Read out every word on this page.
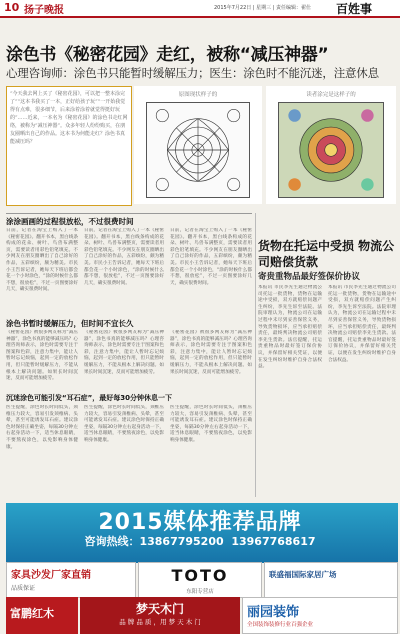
10 扬子晚报	2015年7月22日 | 星期三 | 责任编辑：翟仕 百姓事
涂色书《秘密花园》走红，被称“减压神器”
心理咨询师：涂色书只能暂时缓解压力；医生：涂色时不能沉迷，注意休息
“今天我去网上买了《秘密花园》，可以把一整本涂完了”“这本书我买了一本，正好给孩子玩”“一开始我觉得有点难，很多细节，后来涂着涂着就觉得挺好玩的”……近来，一本名为《秘密花园》的涂色书走红网络，被称为“减压神器”。众多年轻人纷纷购买，在朋友圈晒出自己的作品。这本书为何能走红？涂色书真能减压吗？
原图现状样子的	读者涂完是这样子的
涂涂画画的过程很放松，不过很费时间
日前，记者在淘宝上购入了一本《秘密花园》。翻开书本，黑白线条构成的花朵、树叶、鸟兽布满整页，需要读者用彩色铅笔填充。不少网友在朋友圈晒出了自己涂好的作品，五彩缤纷，颇为精美。市民小王告诉记者，她每天下班后都会花一个小时涂色，“涂的时候什么都不想，很放松”，不过一页图要涂好几天，确实很费时间。
日前，记者在淘宝上购入了一本《秘密花园》。翻开书本，黑白线条构成的花朵、树叶、鸟兽布满整页，需要读者用彩色铅笔填充。不少网友在朋友圈晒出了自己涂好的作品，五彩缤纷，颇为精美。市民小王告诉记者，她每天下班后都会花一个小时涂色，“涂的时候什么都不想，很放松”，不过一页图要涂好几天，确实很费时间。
日前，记者在淘宝上购入了一本《秘密花园》。翻开书本，黑白线条构成的花朵、树叶、鸟兽布满整页，需要读者用彩色铅笔填充。不少网友在朋友圈晒出了自己涂好的作品，五彩缤纷，颇为精美。市民小王告诉记者，她每天下班后都会花一个小时涂色，“涂的时候什么都不想，很放松”，不过一页图要涂好几天，确实很费时间。
涂色书暂时缓解压力，但时间不宜长久
《秘密花园》被很多网友称为“减压神器”，涂色书真的能够减压吗？心理咨询师表示，涂色时需要专注于图案和色彩，注意力集中，能让人暂时忘记烦恼，起到一定的放松作用，但只能暂时缓解压力，不能从根本上解决问题。如果长时间沉迷，反而可能增加疲劳。
《秘密花园》被很多网友称为“减压神器”，涂色书真的能够减压吗？心理咨询师表示，涂色时需要专注于图案和色彩，注意力集中，能让人暂时忘记烦恼，起到一定的放松作用，但只能暂时缓解压力，不能从根本上解决问题。如果长时间沉迷，反而可能增加疲劳。
《秘密花园》被很多网友称为“减压神器”，涂色书真的能够减压吗？心理咨询师表示，涂色时需要专注于图案和色彩，注意力集中，能让人暂时忘记烦恼，起到一定的放松作用，但只能暂时缓解压力，不能从根本上解决问题。如果长时间沉迷，反而可能增加疲劳。
沉迷涂色可能引发“耳石症”，最好每30分钟休息一下
医生提醒，涂色时长时间低头，颈椎压力较大，容易引发颈椎病、头晕，甚至可能诱发耳石症。建议涂色时保持正确坐姿，每隔30分钟左右起身活动一下，适当休息眼睛，不要熬夜涂色，以免影响身体健康。
医生提醒，涂色时长时间低头，颈椎压力较大，容易引发颈椎病、头晕，甚至可能诱发耳石症。建议涂色时保持正确坐姿，每隔30分钟左右起身活动一下，适当休息眼睛，不要熬夜涂色，以免影响身体健康。
医生提醒，涂色时长时间低头，颈椎压力较大，容易引发颈椎病、头晕，甚至可能诱发耳石症。建议涂色时保持正确坐姿，每隔30分钟左右起身活动一下，适当休息眼睛，不要熬夜涂色，以免影响身体健康。
货物在托运中受损 物流公司赔偿货款
寄贵重物品最好签保价协议
本报讯 市民李先生通过物流公司托运一批货物，货物在运输途中受损，双方就赔偿问题产生纠纷，李先生诉至法院。法院审理认为，物流公司在运输过程中未尽到妥善保管义务，导致货物损坏，应当承担赔偿责任，最终判决物流公司赔偿李先生货款。法官提醒，托运贵重物品时最好签订保价协议，并保留好相关凭证，以便在发生纠纷时维护自身合法权益。
本报讯 市民李先生通过物流公司托运一批货物，货物在运输途中受损，双方就赔偿问题产生纠纷，李先生诉至法院。法院审理认为，物流公司在运输过程中未尽到妥善保管义务，导致货物损坏，应当承担赔偿责任，最终判决物流公司赔偿李先生货款。法官提醒，托运贵重物品时最好签订保价协议，并保留好相关凭证，以便在发生纠纷时维护自身合法权益。
2015媒体推荐品牌
咨询热线：13867795200 13967768617
家具沙发厂家直销
品质保证
TOTO
东阳专营店
联盛福国际家居广场
富鹏红木	梦天木门
品 牌 品 质 ，用 梦 天 木 门
丽园装饰
全国装饰装修行业百强企业
